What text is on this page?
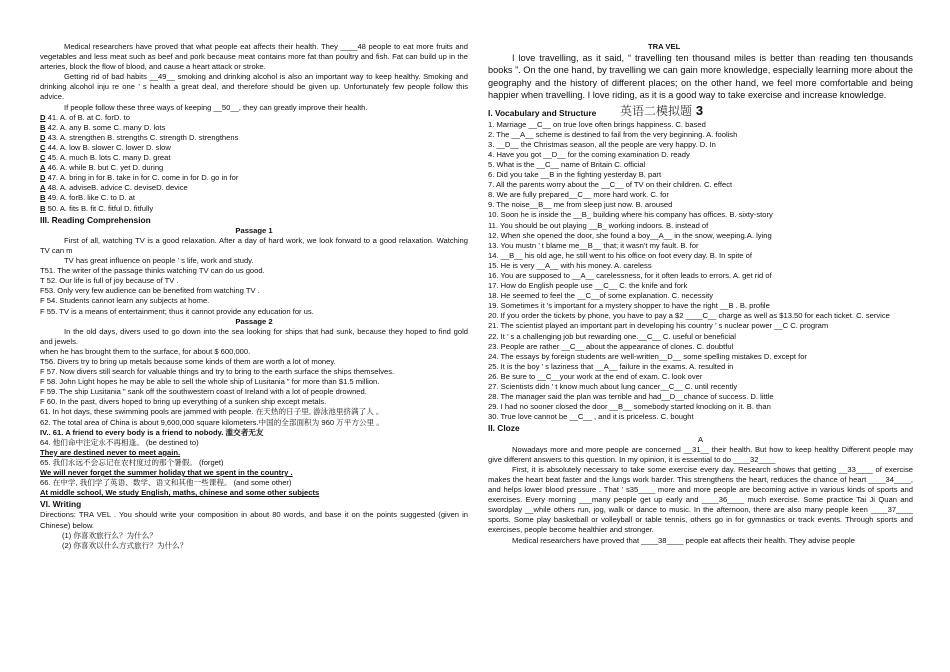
Medical researchers have proved that what people eat affects their health. They ____48 people to eat more fruits and vegetables and less meat such as beef and pork because meat contains more fat than poultry and fish. Fat can build up in the arteries, block the flow of blood, and cause a heart attack or stroke.

Getting rid of bad habits __49__ smoking and drinking alcohol is also an important way to keep healthy. Smoking and drinking alcohol inju re one ’ s health a great deal, and therefore should be given up. Unfortunately few people follow this advice.

If people follow these three ways of keeping __50__, they can greatly improve their health.

D 41. A. of B. at C. forD. to

B 42. A. any B. some C. many D. lots

D 43. A. strengthen B. strengths C. strength D. strengthens

C 44. A. low B. slower C. lower D. slow

C 45. A. much B. lots C. many D. great

A 46. A. while B. but C. yet D. during

D 47. A. bring in for B. take in for C. come in for D. go in for

A 48. A. adviseB. advice C. deviseD. device

B 49. A. forB. like C. to D. at

B 50. A. fits B. fit C. fitful D. fitfully

III. Reading Comprehension

Passage 1

First of all, watching TV is a good relaxation. After a day of hard work, we look forward to a good relaxation. Watching TV can m

TV has great influence on people ’ s life, work and study.

T51. The writer of the passage thinks watching TV can do us good.

T 52. Our life is full of joy because of TV .

F53. Only very few audience can be benefited from watching TV .

F 54. Students cannot learn any subjects at home.

F 55. TV is a means of entertainment; thus it cannot provide any education for us.

Passage 2

In the old days, divers used to go down into the sea looking for ships that had sunk, because they hoped to find gold and jewels.

when he has brought them to the surface, for about $ 600,000.

T56. Divers try to bring up metals because some kinds of them are worth a lot of money.

F 57. Now divers still search for valuable things and try to bring to the earth surface the ships themselves.

F 58. John Light hopes he may be able to sell the whole ship of Lusitania ” for more than $1.5 million.

F 59. The ship Lusitania ” sank off the southwestern coast of Ireland with a lot of people drowned.

F 60. In the past, divers hoped to bring up everything of a sunken ship except metals.

61. In hot days, these swimming pools are jammed with people. 在天热的日子里, 游泳池里挤满了人 。

62. The total area of China is about 9,600,000 square kilometers.中国的全部面积为 960 万平方公里 。

IV.. 61. A friend to every body is a friend to nobody. 滥交者无友

64. 他们命中注定永不再相逢。 (be destined to)

They are destined never to meet again.

65. 我们永远不会忘记在农村度过的那个暑假。 (forget)

We will never forget the summer holiday that we spent in the country .

66. 在中学, 我们学了英语、数学、语文和其他一些课程。 (and some other)

At middle school, We study English, maths, chinese and some other subjects

VI. Writing

Directions: TRA VEL . You should write your composition in about 80 words, and base it on the points suggested (given in Chinese) below.

(1) 你喜欢旅行么？为什么？

(2) 你喜欢以什么方式旅行？为什么？

TRA VEL

I love travelling, as it said, “ travelling ten thousand miles is better than reading ten thousands books ”. On the one hand, by travelling we can gain more knowledge, especially learning more about the geography and the history of different places; on the other hand, we feel more comfortable and being happier when travelling. I love riding, as it is a good way to take exercise and increase knowledge.

I. Vocabulary and Structure

1. Marriage __C__ on true love often brings happiness. C. based

2. The __A__ scheme is destined to fail from the very beginning. A. foolish

3. __D__ the Christmas season, all the people are very happy. D. In

4. Have you got __D__ for the coming examination D. ready

5. What is the __C__ name of Britain C. official

6. Did you take __B in the fighting yesterday B. part

7. All the parents worry about the __C__ of TV on their children. C. effect

8. We are fully prepared__C__ more hard work. C. for

9. The noise__B__ me from sleep just now. B. aroused

10. Soon he is inside the __B_ building where his company has offices. B. sixty-story

11. You should be out playing __B_ working indoors. B. instead of

12. When she opened the door, she found a boy__A__ in the snow, weeping.A. lying

13. You mustn ’ t blame me__B__ that; it wasn't my fault. B. for

14. __B__ his old age, he still went to his office on foot every day. B. In spite of

15. He is very __A__ with his money. A. careless

16. You are supposed to __A__ carelessness, for it often leads to errors. A. get rid of

17. How do English people use __C__ C. the knife and fork

18. He seemed to feel the __C__of some explanation. C. necessity

19. Sometimes it ’s important for a mystery shopper to have the right __B . B. profile

20. If you order the tickets by phone, you have to pay a $2 ____C__ charge as well as $13.50 for each ticket. C. service

21. The scientist played an important part in developing his country ’ s nuclear power __C C. program

22. It ’ s a challenging job but rewarding one.__C__ C. useful or beneficial

23. People are rather __C__ about the appearance of clones. C. doubtful

24. The essays by foreign students are well-written__D__ some spelling mistakes D. except for

25. It is the boy ’ s laziness that __A__ failure in the exams. A. resulted in

26. Be sure to __C__your work at the end of exam. C. look over

27. Scientists didn ’ t know much about lung cancer__C__ C. until recently

28. The manager said the plan was terrible and had__D__chance of success. D. little

29. I had no sooner closed the door __B__ somebody started knocking on it. B. than

30. True love cannot be __C__ , and it is priceless. C. bought

II. Cloze

A

Nowadays more and more people are concerned __31__ their health. But how to keep healthy Different people may give different answers to this question. In my opinion, it is essential to do ____32____

First, it is absolutely necessary to take some exercise every day. Research shows that getting __33____ of exercise makes the heart beat faster and the lungs work harder. This strengthens the heart, reduces the chance of heart ____34____, and helps lower blood pressure . That ’ s35____ more and more people are becoming active in various kinds of sports and exercises. Every morning ___many people get up early and ____36____ much exercise. Some practice Tai Ji Quan and swordplay __while others run, jog, walk or dance to music. In the afternoon, there are also many people keen ____37____ sports. Some play basketball or volleyball or table tennis, others go in for gymnastics or track events. Through sports and exercises, people become healthier and stronger.

Medical researchers have proved that ____38____ people eat affects their health. They advise people

英语二模拟题 3
